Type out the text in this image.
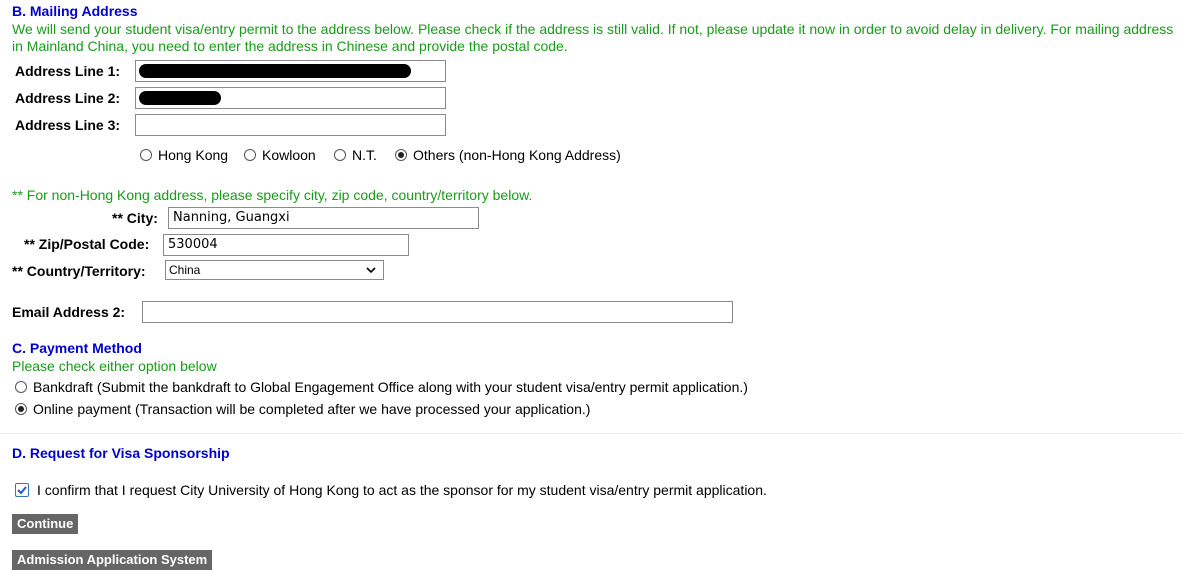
B. Mailing Address
We will send your student visa/entry permit to the address below. Please check if the address is still valid. If not, please update it now in order to avoid delay in delivery. For mailing address in Mainland China, you need to enter the address in Chinese and provide the postal code.
Address Line 1:
Address Line 2:
Address Line 3:
Hong Kong	Kowloon	N.T.	Others (non-Hong Kong Address)
** For non-Hong Kong address, please specify city, zip code, country/territory below.
** City:	Nanning, Guangxi
** Zip/Postal Code:	530004
** Country/Territory:	China
Email Address 2:
C. Payment Method
Please check either option below
Bankdraft (Submit the bankdraft to Global Engagement Office along with your student visa/entry permit application.)
Online payment (Transaction will be completed after we have processed your application.)
D. Request for Visa Sponsorship
I confirm that I request City University of Hong Kong to act as the sponsor for my student visa/entry permit application.
Continue
Admission Application System
